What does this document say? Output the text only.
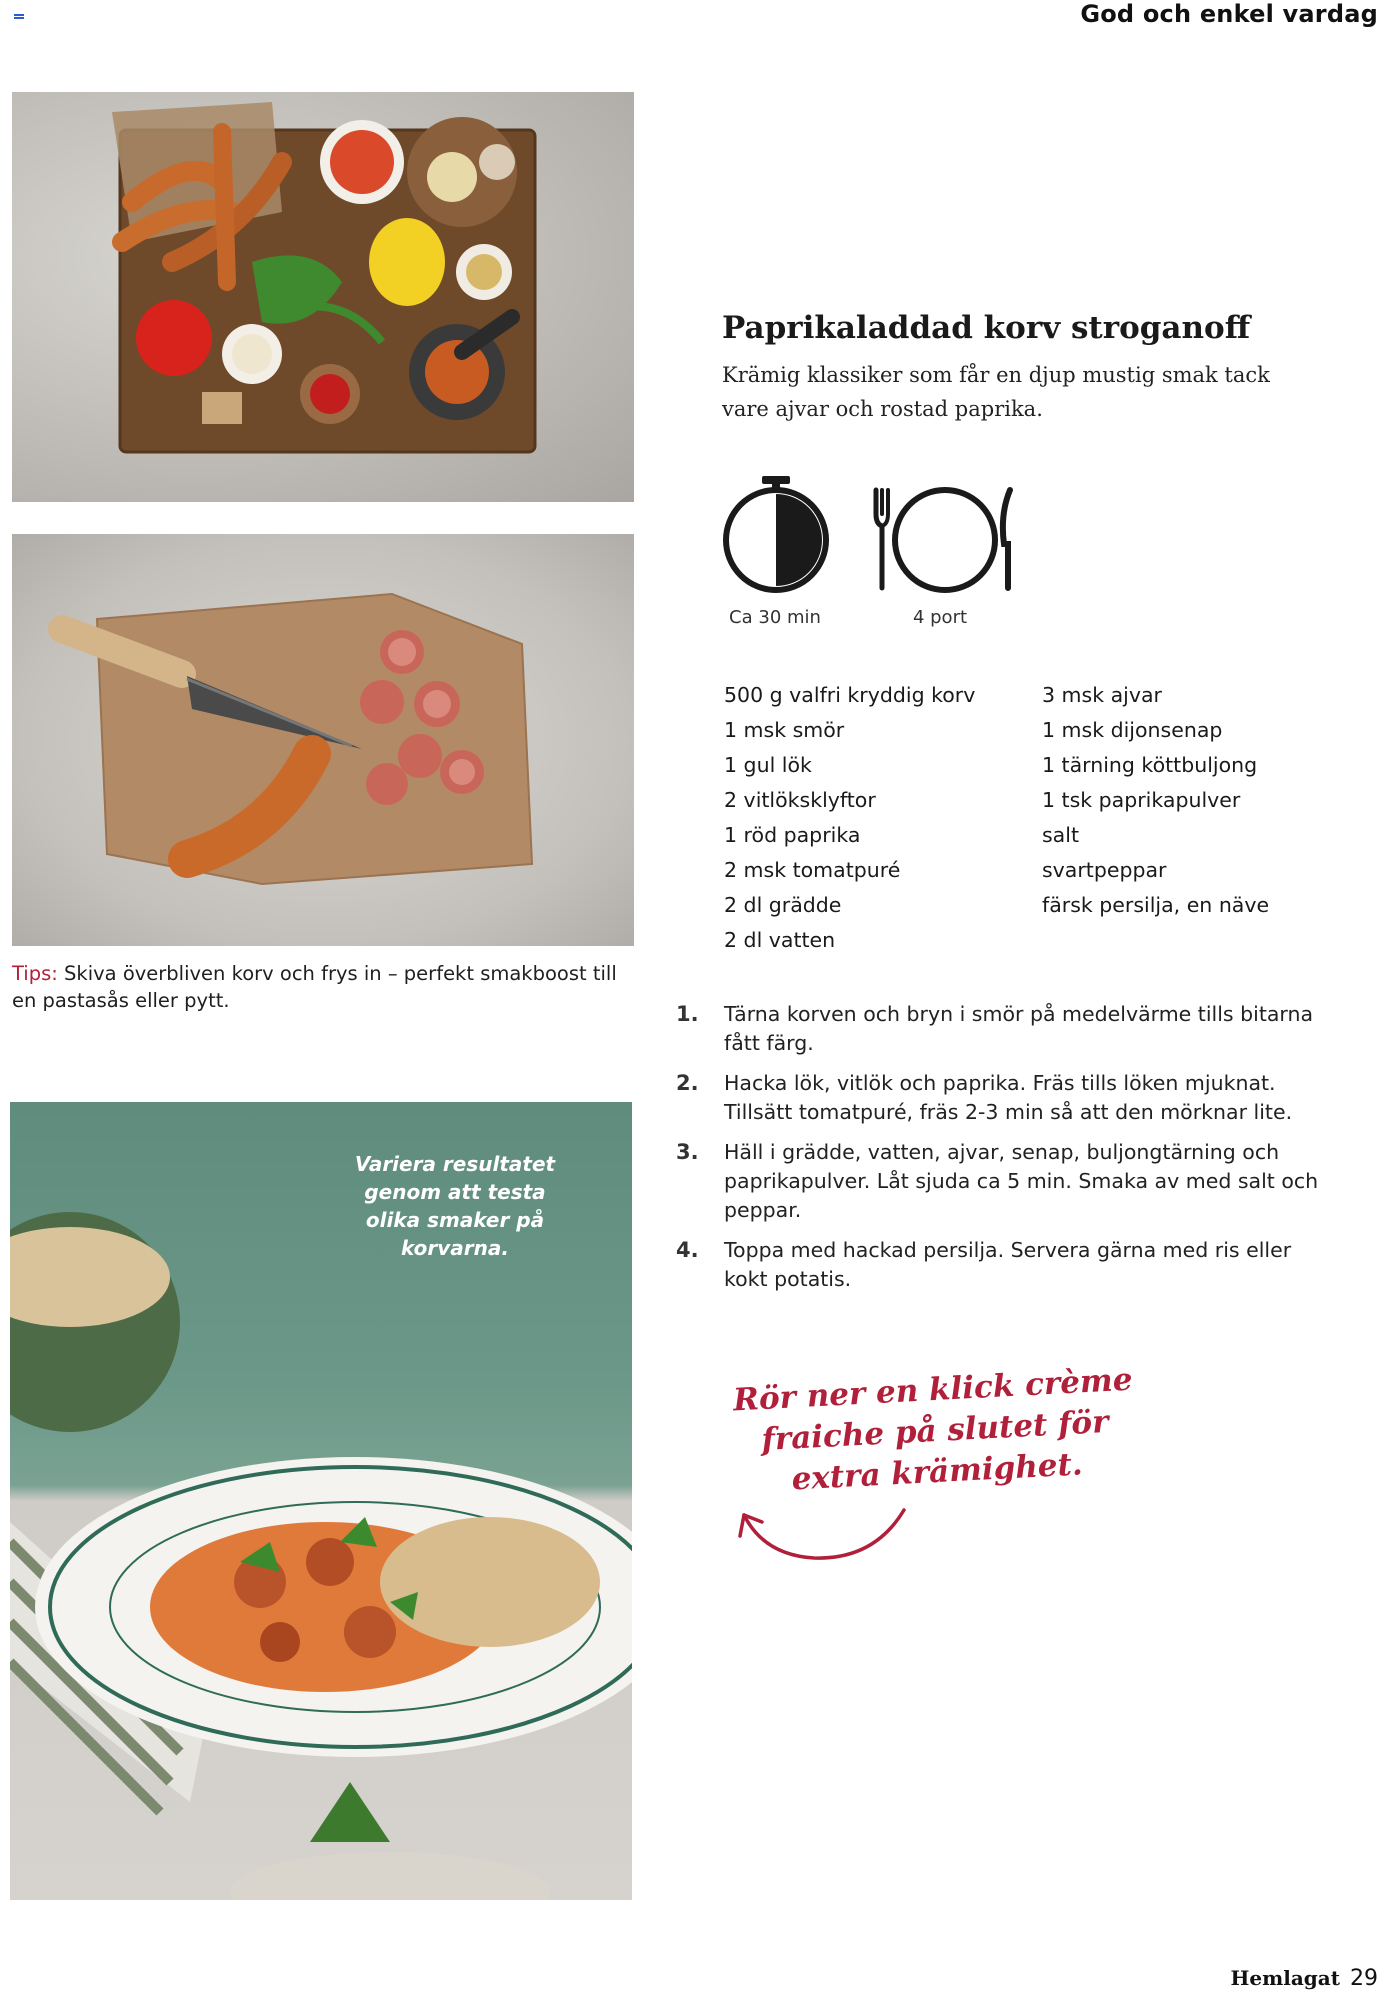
God och enkel vardag
Tips: Skiva överbliven korv och frys in – perfekt smakboost till en pastasås eller pytt.
Variera resultatet
genom att testa
olika smaker på
korvarna.
Paprikaladdad korv stroganoff
Krämig klassiker som får en djup mustig smak tack vare ajvar och rostad paprika.
Ca 30 min	4 port
500 g valfri kryddig korv
1 msk smör
1 gul lök
2 vitlöksklyftor
1 röd paprika
2 msk tomatpuré
2 dl grädde
2 dl vatten
3 msk ajvar
1 msk dijonsenap
1 tärning köttbuljong
1 tsk paprikapulver
salt
svartpeppar
färsk persilja, en näve
1. Tärna korven och bryn i smör på medelvärme tills bitarna fått färg.
2. Hacka lök, vitlök och paprika. Fräs tills löken mjuknat. Tillsätt tomatpuré, fräs 2-3 min så att den mörknar lite.
3. Häll i grädde, vatten, ajvar, senap, buljongtärning och paprikapulver. Låt sjuda ca 5 min. Smaka av med salt och peppar.
4. Toppa med hackad persilja. Servera gärna med ris eller kokt potatis.
Rör ner en klick crème
fraiche på slutet för
extra krämighet.
Hemlagat 29
